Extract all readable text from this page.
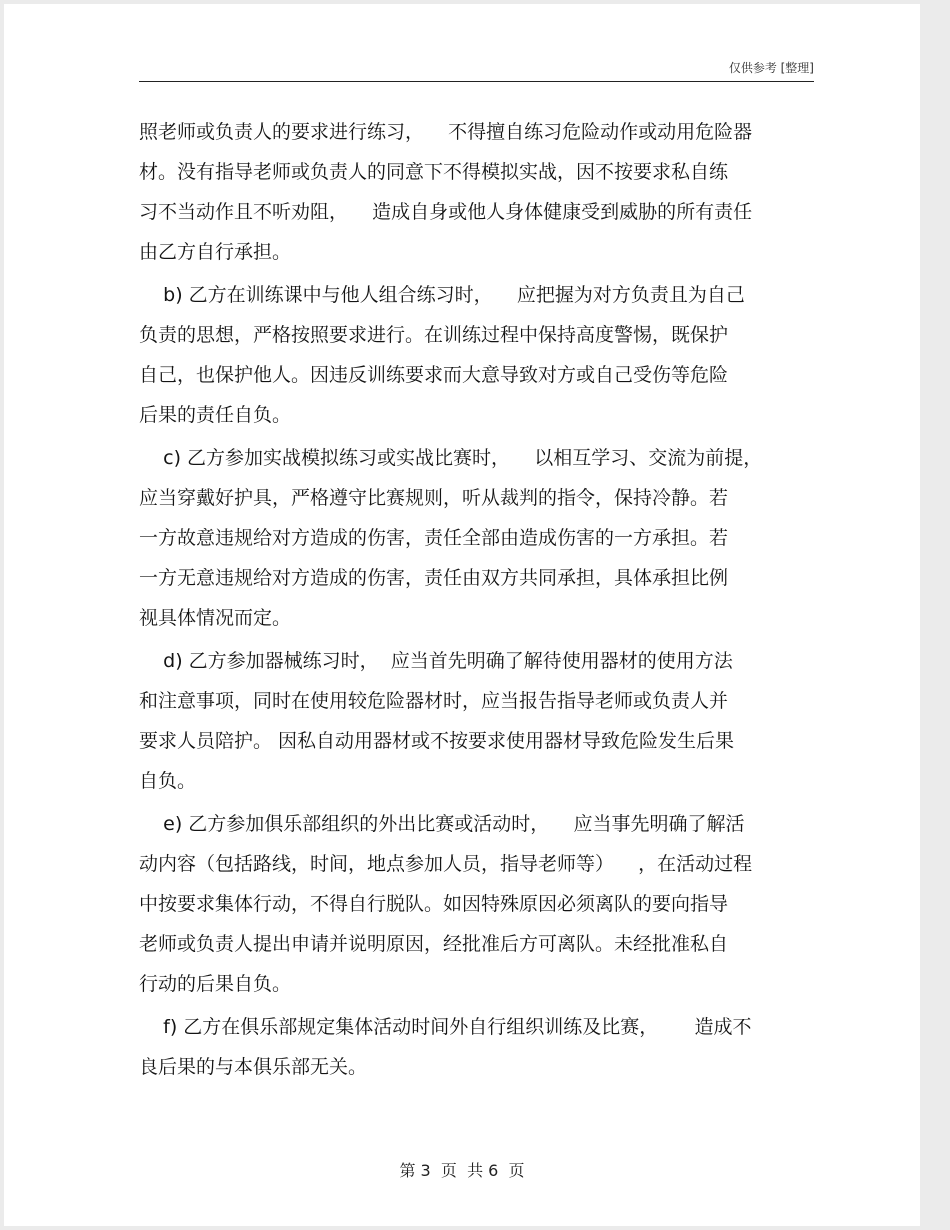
仅供参考 [整理]
照老师或负责人的要求进行练习，    不得擅自练习危险动作或动用危险器
材。没有指导老师或负责人的同意下不得模拟实战，因不按要求私自练
习不当动作且不听劝阻，    造成自身或他人身体健康受到威胁的所有责任
由乙方自行承担。
b) 乙方在训练课中与他人组合练习时，    应把握为对方负责且为自己
负责的思想，严格按照要求进行。在训练过程中保持高度警惕，既保护
自己，也保护他人。因违反训练要求而大意导致对方或自己受伤等危险
后果的责任自负。
c) 乙方参加实战模拟练习或实战比赛时，    以相互学习、交流为前提，
应当穿戴好护具，严格遵守比赛规则，听从裁判的指令，保持冷静。若
一方故意违规给对方造成的伤害，责任全部由造成伤害的一方承担。若
一方无意违规给对方造成的伤害，责任由双方共同承担，具体承担比例
视具体情况而定。
d) 乙方参加器械练习时，  应当首先明确了解待使用器材的使用方法
和注意事项，同时在使用较危险器材时，应当报告指导老师或负责人并
要求人员陪护。 因私自动用器材或不按要求使用器材导致危险发生后果
自负。
e) 乙方参加俱乐部组织的外出比赛或活动时，    应当事先明确了解活
动内容（包括路线，时间，地点参加人员，指导老师等）    ，在活动过程
中按要求集体行动，不得自行脱队。如因特殊原因必须离队的要向指导
老师或负责人提出申请并说明原因，经批准后方可离队。未经批准私自
行动的后果自负。
f) 乙方在俱乐部规定集体活动时间外自行组织训练及比赛，      造成不
良后果的与本俱乐部无关。
第 3  页  共 6  页
